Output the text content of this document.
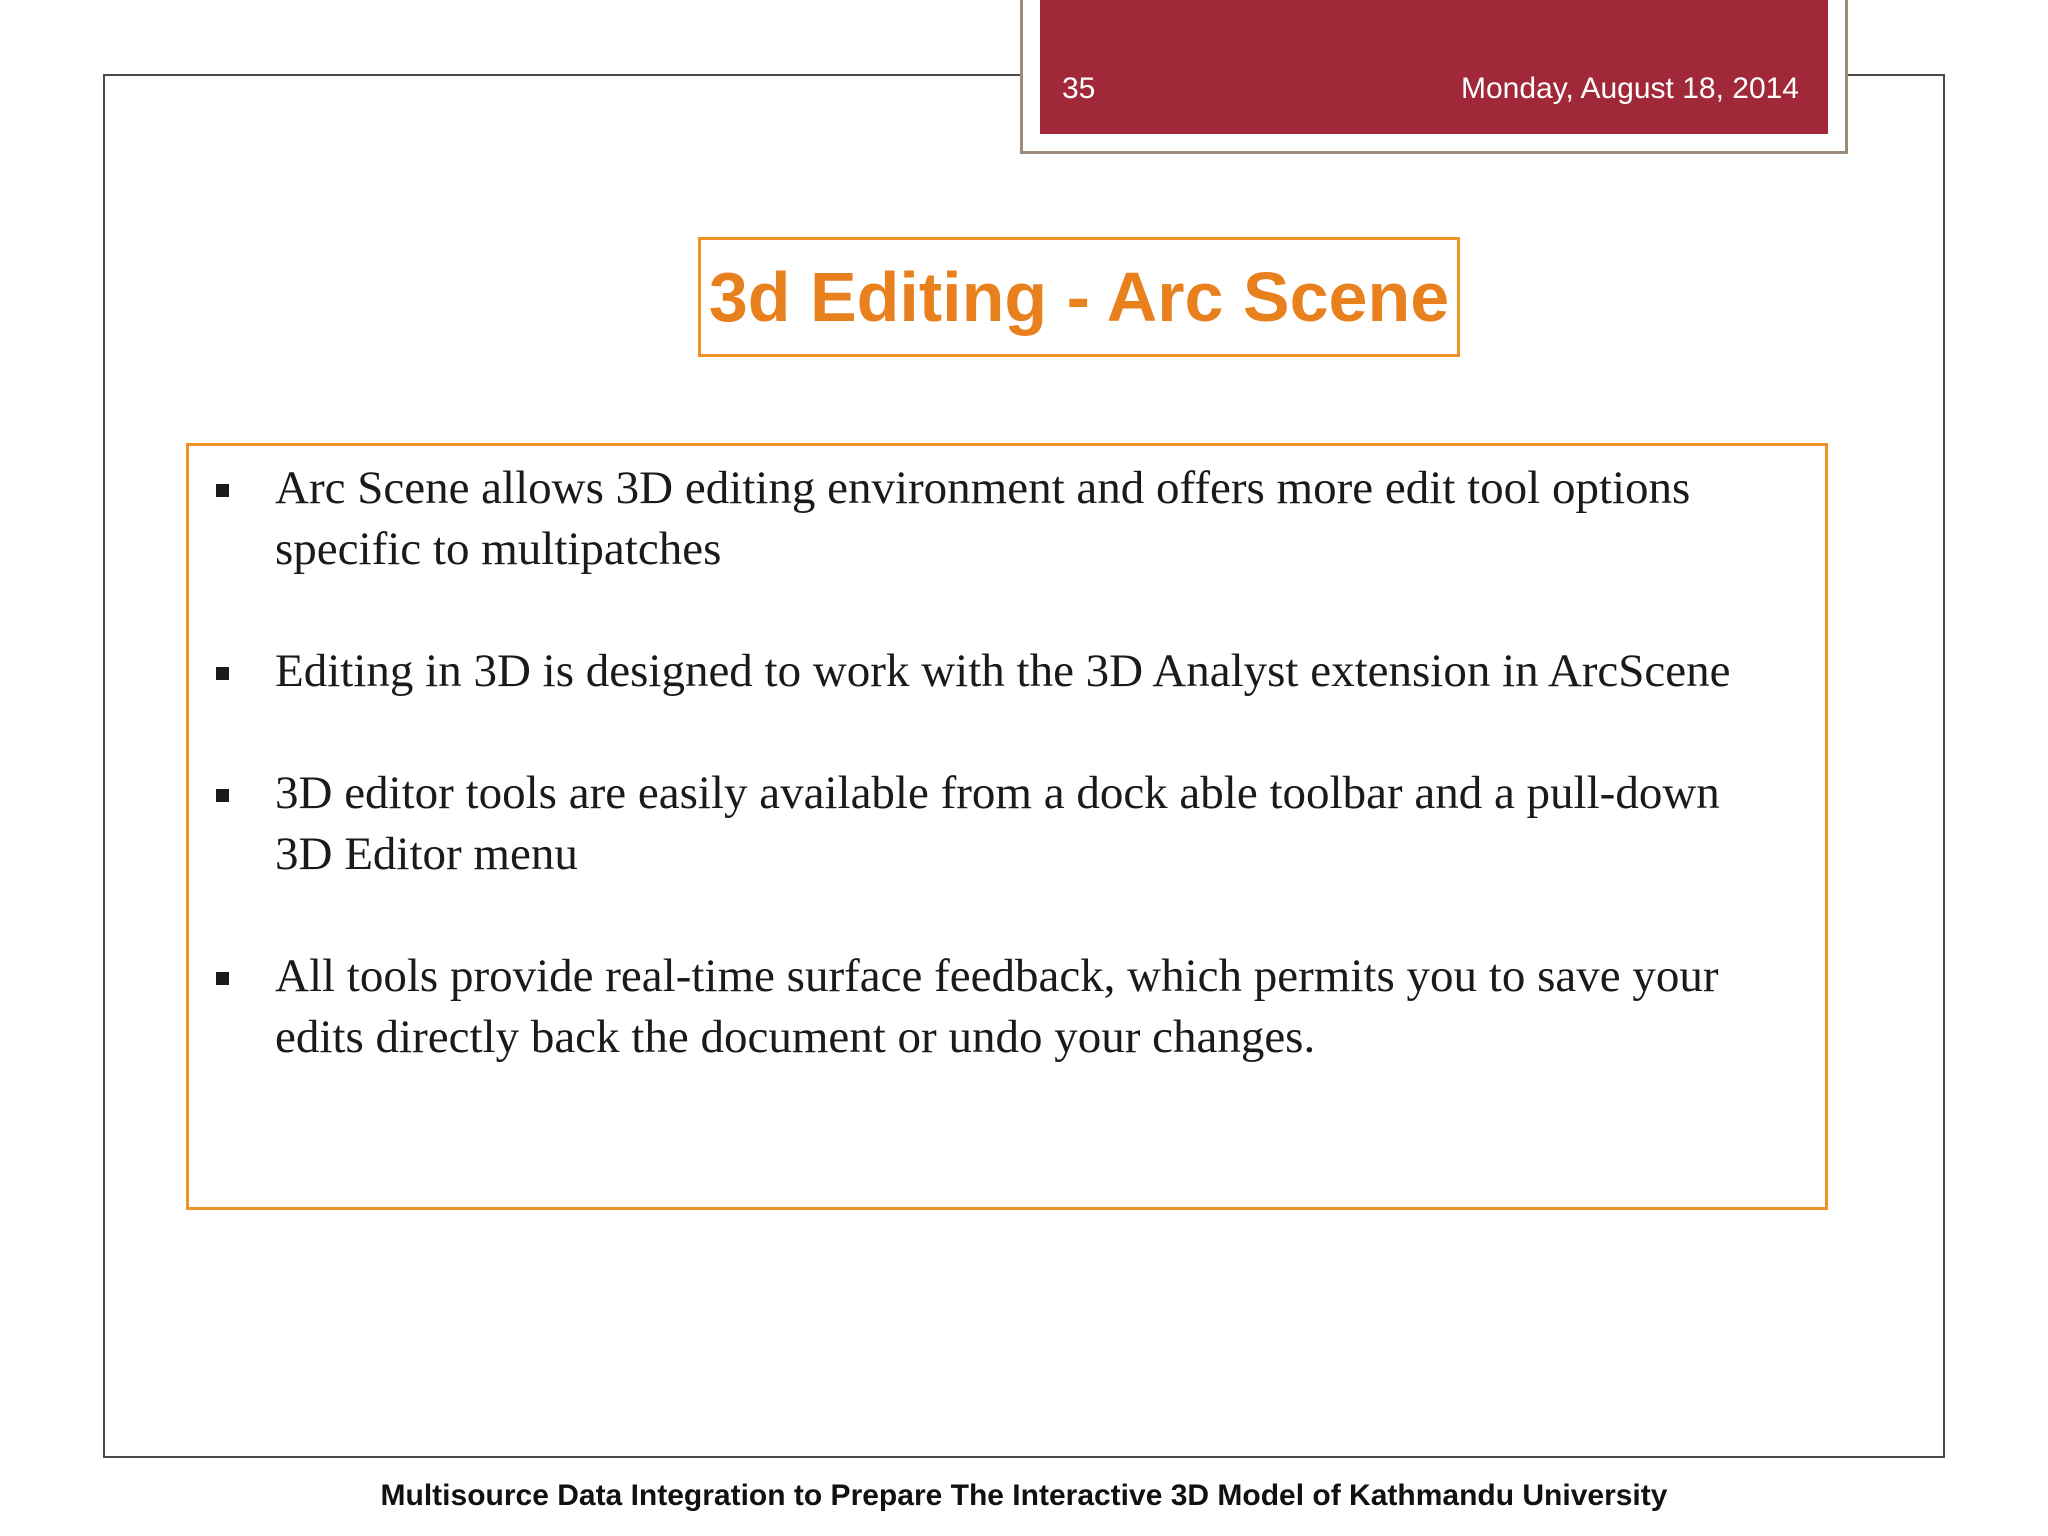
35	Monday, August 18, 2014
3d Editing - Arc Scene
Arc Scene allows 3D editing environment and offers more edit tool options specific to multipatches
Editing in 3D is designed to work with the 3D Analyst extension in ArcScene
3D editor tools are easily available from a dock able toolbar and a pull-down 3D Editor menu
All tools provide real-time surface feedback, which permits you to save your edits directly back the document or undo your changes.
Multisource Data Integration to Prepare The Interactive 3D Model of Kathmandu University
